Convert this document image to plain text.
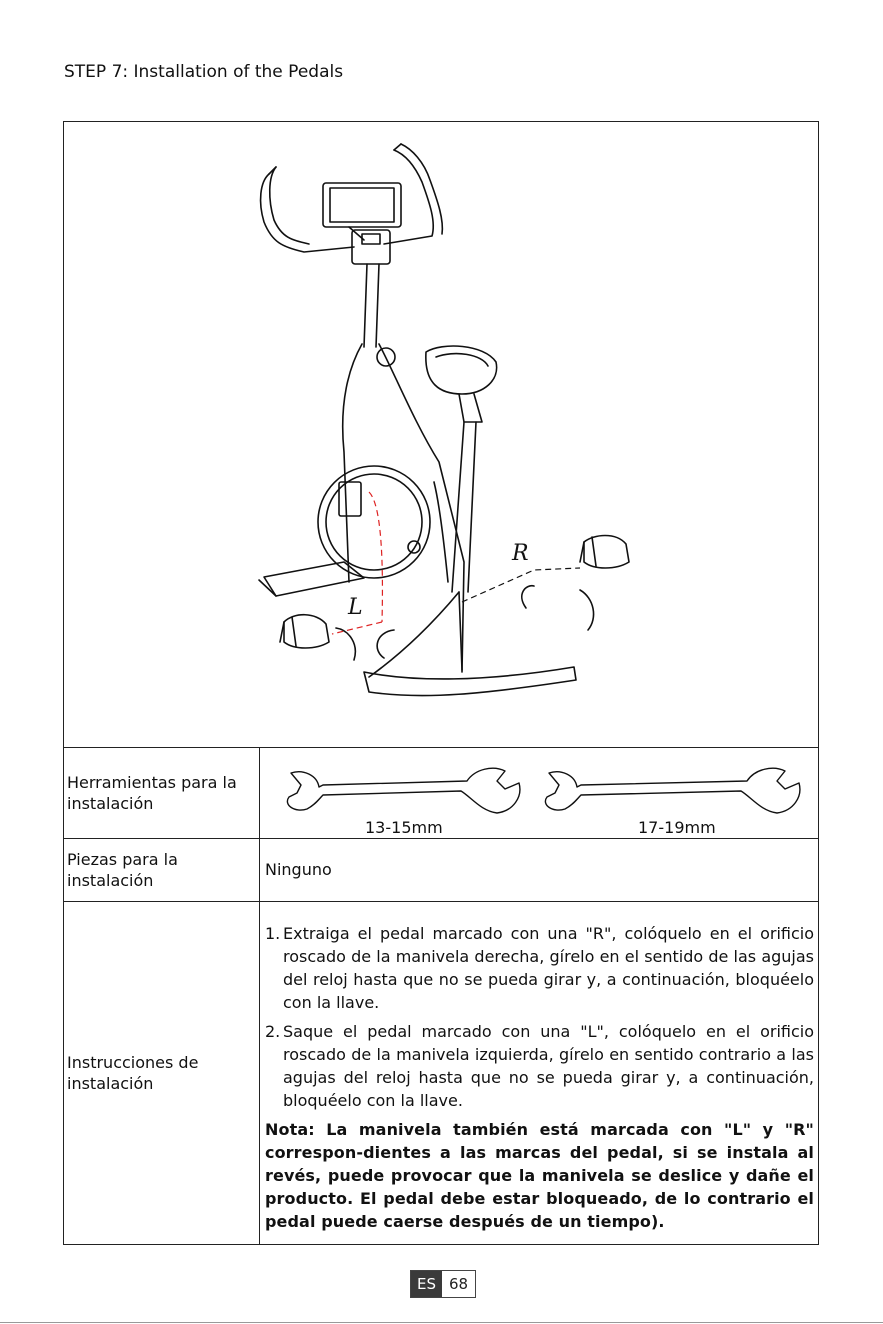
STEP 7: Installation of the Pedals
R
L
Herramientas para la instalación
13-15mm	17-19mm
Piezas para la instalación
Ninguno
Instrucciones de instalación
1. Extraiga el pedal marcado con una "R", colóquelo en el orificio roscado de la manivela derecha, gírelo en el sentido de las agujas del reloj hasta que no se pueda girar y, a continuación, bloquéelo con la llave.
2. Saque el pedal marcado con una "L", colóquelo en el orificio roscado de la manivela izquierda, gírelo en sentido contrario a las agujas del reloj hasta que no se pueda girar y, a continuación, bloquéelo con la llave.
Nota: La manivela también está marcada con "L" y "R" correspon-dientes a las marcas del pedal, si se instala al revés, puede provocar que la manivela se deslice y dañe el producto. El pedal debe estar bloqueado, de lo contrario el pedal puede caerse después de un tiempo).
ES 68
